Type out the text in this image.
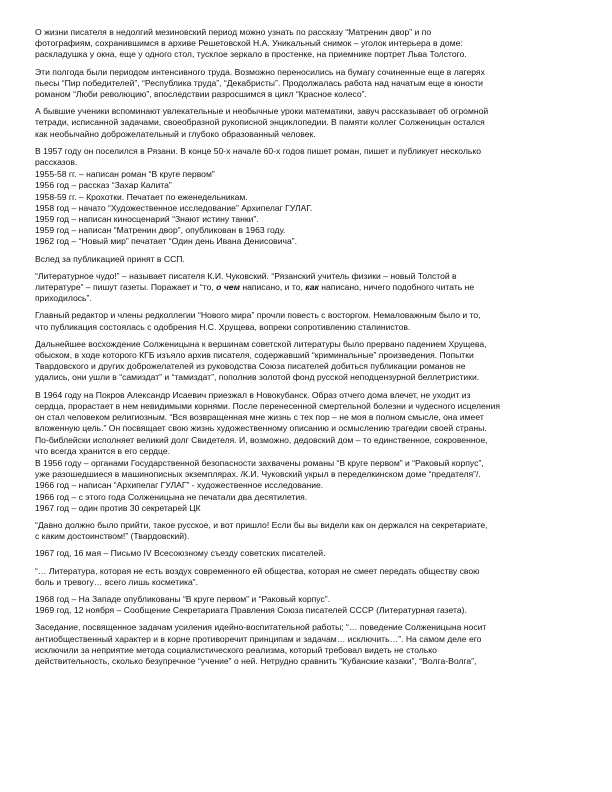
О жизни писателя в недолгий мезиновский период можно узнать по рассказу “Матренин двор” и по
фотографиям, сохранившимся в архиве Решетовской Н.А. Уникальный снимок – уголок интерьера в доме:
раскладушка у окна, еще у одного стол, тусклое зеркало в простенке, на приемнике портрет Льва Толстого.

Эти полгода были периодом интенсивного труда. Возможно переносились на бумагу сочиненные еще в лагерях
пьесы “Пир победителей”, “Республика труда”, “Декабристы”. Продолжалась работа над начатым еще в юности
романом “Люби революцию”, впоследствии разросшимся в цикл “Красное колесо”.

А бывшие ученики вспоминают увлекательные и необычные уроки математики, завуч рассказывает об огромной
тетради, исписанной задачами, своеобразной рукописной энциклопедии. В памяти коллег Солженицын остался
как необычайно доброжелательный и глубоко образованный человек.

В 1957 году он поселился в Рязани. В конце 50-х начале 60-х годов пишет роман, пишет и публикует несколько
рассказов.

1955-58 гг. – написан роман “В круге первом”
1956 год – рассказ “Захар Калита”
1958-59 гг. – Крохотки. Печатает по еженедельникам.
1958 год – начато “Художественное исследование” Архипелаг ГУЛАГ.
1959 год – написан киносценарий “Знают истину танки”.
1959 год – написан “Матренин двор”, опубликован в 1963 году.
1962 год – “Новый мир” печатает “Один день Ивана Денисовича”.

Вслед за публикацией принят в ССП.

“Литературное чудо!” – называет писателя К.И. Чуковский. “Рязанский учитель физики – новый Толстой в
литературе” – пишут газеты. Поражает и “то, о чем написано, и то, как написано, ничего подобного читать не
приходилось”.

Главный редактор и члены редколлегии “Нового мира” прочли повесть с восторгом. Немаловажным было и то,
что публикация состоялась с одобрения Н.С. Хрущева, вопреки сопротивлению сталинистов.

Дальнейшее восхождение Солженицына к вершинам советской литературы было прервано падением Хрущева,
обыском, в ходе которого КГБ изъяло архив писателя, содержавший “криминальные” произведения. Попытки
Твардовского и других доброжелателей из руководства Союза писателей добиться публикации романов не
удались, они ушли в “самиздат” и “тамиздат”, пополнив золотой фонд русской неподцензурной беллетристики.

В 1964 году на Покров Александр Исаевич приезжал в Новокубанск. Образ отчего дома влечет, не уходит из
сердца, прорастает в нем невидимыми корнями. После перенесенной смертельной болезни и чудесного исцеления
он стал человеком религиозным. “Вся возвращенная мне жизнь с тех пор – не моя в полном смысле, она имеет
вложенную цель.” Он посвящает свою жизнь художественному описанию и осмыслению трагедии своей страны.
По-библейски исполняет великий долг Свидетеля. И, возможно, дедовский дом – то единственное, сокровенное,
что всегда хранится в его сердце.

В 1956 году – органами Государственной безопасности захвачены романы “В круге первом” и “Раковый корпус”,
уже разошедшиеся в машинописных экземплярах. /К.И. Чуковский укрыл в переделкинском доме “предателя”/.
1966 год – написан “Архипелаг ГУЛАГ” - художественное исследование.
1966 год – с этого года Солженицына не печатали два десятилетия.
1967 год – один против 30 секретарей ЦК

“Давно должно было прийти, такое русское, и вот пришло! Если бы вы видели как он держался на секретариате,
с каким достоинством!” (Твардовский).

1967 год, 16 мая – Письмо IV Всесоюзному съезду советских писателей.

“… Литература, которая не есть воздух современного ей общества, которая не смеет передать обществу свою
боль и тревогу… всего лишь косметика”.

1968 год – На Западе опубликованы “В круге первом” и “Раковый корпус”.
1969 год, 12 ноября – Сообщение Секретариата Правления Союза писателей СССР (Литературная газета).

Заседание, посвященное задачам усиления идейно-воспитательной работы; “… поведение Солженицына носит
антиобщественный характер и в корне противоречит принципам и задачам… исключить…”. На самом деле его
исключили за неприятие метода социалистического реализма, который требовал видеть не столько
действительность, сколько безупречное “учение” о ней. Нетрудно сравнить “Кубанские казаки”, “Волга-Волга”,
